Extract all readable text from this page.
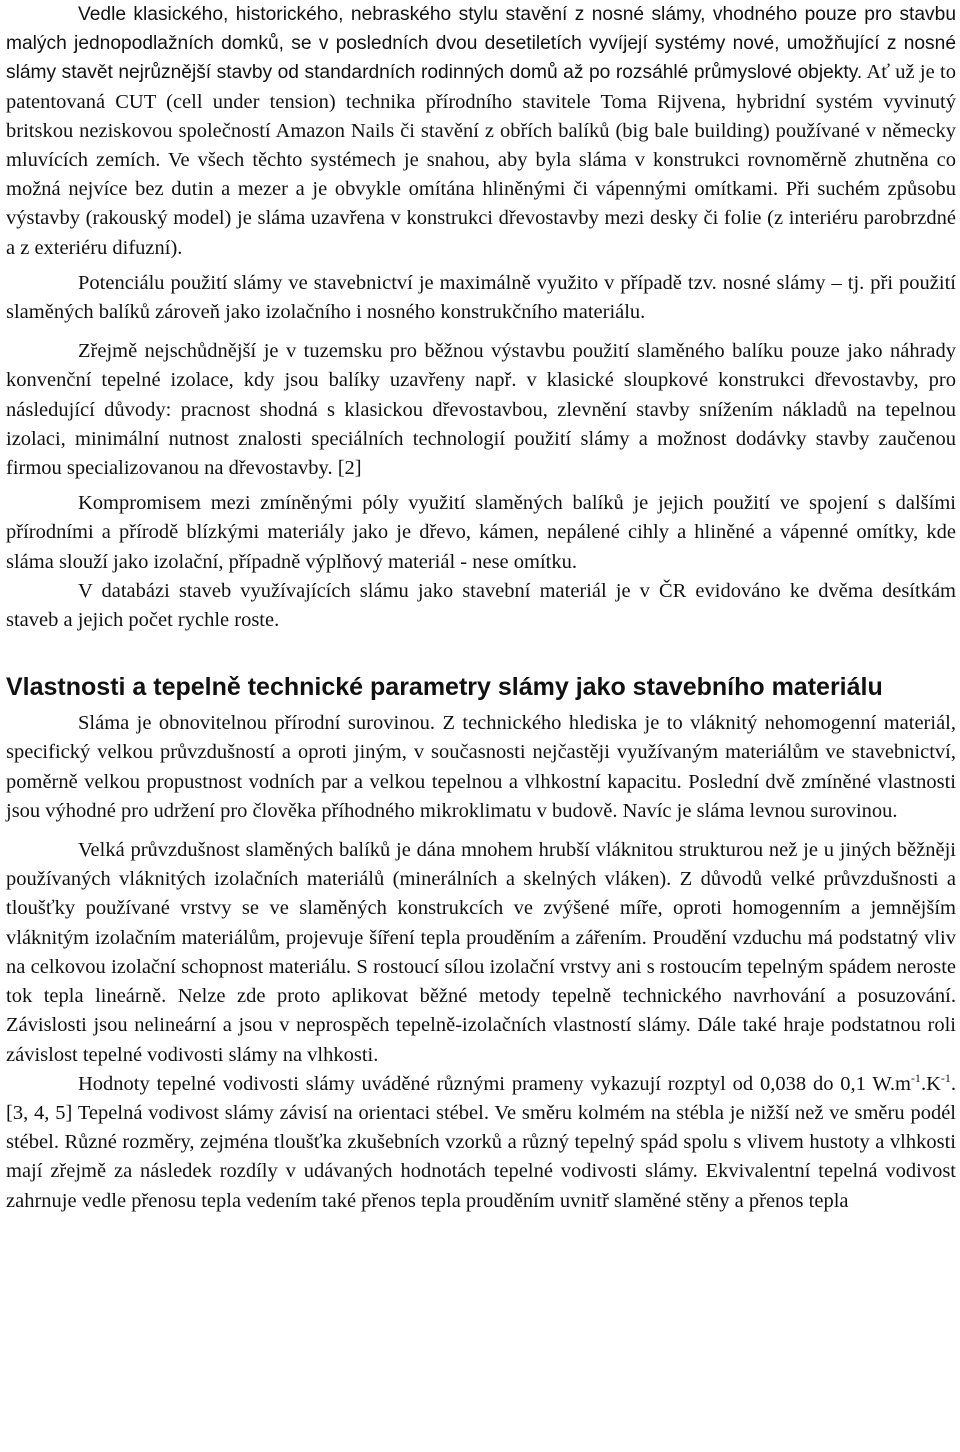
Vedle klasického, historického, nebraského stylu stavění z nosné slámy, vhodného pouze pro stavbu malých jednopodlažních domků, se v posledních dvou desetiletích vyvíjejí systémy nové, umožňující z nosné slámy stavět nejrůznější stavby od standardních rodinných domů až po rozsáhlé průmyslové objekty. Ať už je to patentovaná CUT (cell under tension) technika přírodního stavitele Toma Rijvena, hybridní systém vyvinutý britskou neziskovou společností Amazon Nails či stavění z obřích balíků (big bale building) používané v německy mluvících zemích. Ve všech těchto systémech je snahou, aby byla sláma v konstrukci rovnoměrně zhutněna co možná nejvíce bez dutin a mezer a je obvykle omítána hliněnými či vápennými omítkami. Při suchém způsobu výstavby (rakouský model) je sláma uzavřena v konstrukci dřevostavby mezi desky či folie (z interiéru parobrzdné a z exteriéru difuzní).

Potenciálu použití slámy ve stavebnictví je maximálně využito v případě tzv. nosné slámy – tj. při použití slaměných balíků zároveň jako izolačního i nosného konstrukčního materiálu.

Zřejmě nejschůdnější je v tuzemsku pro běžnou výstavbu použití slaměného balíku pouze jako náhrady konvenční tepelné izolace, kdy jsou balíky uzavřeny např. v klasické sloupkové konstrukci dřevostavby, pro následující důvody: pracnost shodná s klasickou dřevostavbou, zlevnění stavby snížením nákladů na tepelnou izolaci, minimální nutnost znalosti speciálních technologií použití slámy a možnost dodávky stavby zaučenou firmou specializovanou na dřevostavby. [2]

Kompromisem mezi zmíněnými póly využití slaměných balíků je jejich použití ve spojení s dalšími přírodními a přírodě blízkými materiály jako je dřevo, kámen, nepálené cihly a hliněné a vápenné omítky, kde sláma slouží jako izolační, případně výplňový materiál - nese omítku.

V databázi staveb využívajících slámu jako stavební materiál je v ČR evidováno ke dvěma desítkám staveb a jejich počet rychle roste.

Vlastnosti a tepelně technické parametry slámy jako stavebního materiálu

Sláma je obnovitelnou přírodní surovinou. Z technického hlediska je to vláknitý nehomogenní materiál, specifický velkou průvzdušností a oproti jiným, v současnosti nejčastěji využívaným materiálům ve stavebnictví, poměrně velkou propustnost vodních par a velkou tepelnou a vlhkostní kapacitu. Poslední dvě zmíněné vlastnosti jsou výhodné pro udržení pro člověka příhodného mikroklimatu v budově. Navíc je sláma levnou surovinou.

Velká průvzdušnost slaměných balíků je dána mnohem hrubší vláknitou strukturou než je u jiných běžněji používaných vláknitých izolačních materiálů (minerálních a skelných vláken). Z důvodů velké průvzdušnosti a tloušťky používané vrstvy se ve slaměných konstrukcích ve zvýšené míře, oproti homogenním a jemnějším vláknitým izolačním materiálům, projevuje šíření tepla prouděním a zářením. Proudění vzduchu má podstatný vliv na celkovou izolační schopnost materiálu. S rostoucí sílou izolační vrstvy ani s rostoucím tepelným spádem neroste tok tepla lineárně. Nelze zde proto aplikovat běžné metody tepelně technického navrhování a posuzování. Závislosti jsou nelineární a jsou v neprospěch tepelně-izolačních vlastností slámy. Dále také hraje podstatnou roli závislost tepelné vodivosti slámy na vlhkosti.

Hodnoty tepelné vodivosti slámy uváděné různými prameny vykazují rozptyl od 0,038 do 0,1 $W.m^{-1}.K^{-1}.[3$, 4, 5] Tepelná vodivost slámy závisí na orientaci stébel. Ve směru kolmém na stébla je nižší než ve směru podél stébel. Různé rozměry, zejména tloušťka zkušebních vzorků a různý tepelný spád spolu s vlivem hustoty a vlhkosti mají zřejmě za následek rozdíly v udávaných hodnotách tepelné vodivosti slámy. Ekvivalentní tepelná vodivost zahrnuje vedle přenosu tepla vedením také přenos tepla prouděním uvnitř slaměné stěny a přenos tepla
